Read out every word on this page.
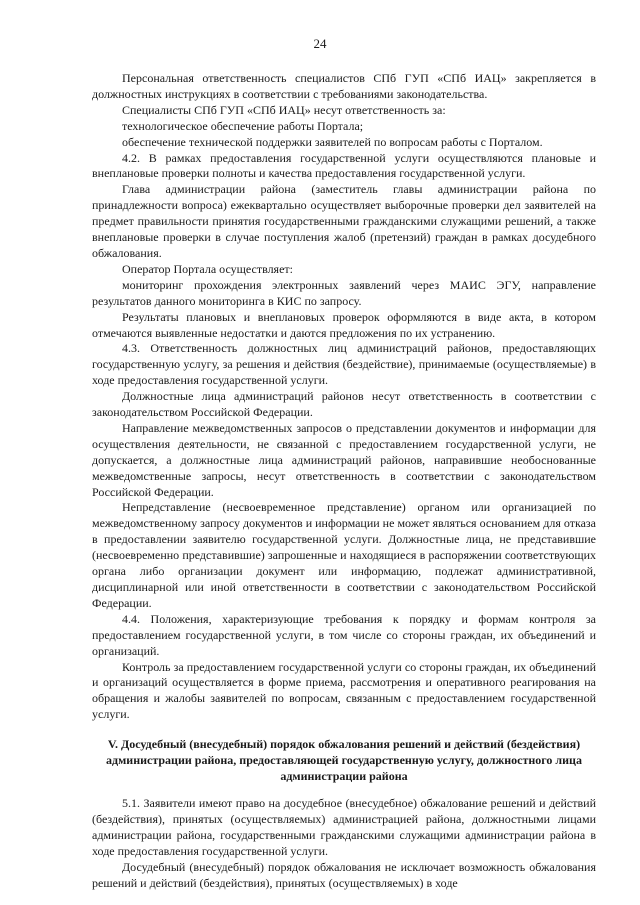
24

Персональная ответственность специалистов СПб ГУП «СПб ИАЦ» закрепляется в должностных инструкциях в соответствии с требованиями законодательства.

Специалисты СПб ГУП «СПб ИАЦ» несут ответственность за:

технологическое обеспечение работы Портала;

обеспечение технической поддержки заявителей по вопросам работы с Порталом.

4.2. В рамках предоставления государственной услуги осуществляются плановые и внеплановые проверки полноты и качества предоставления государственной услуги.

Глава администрации района (заместитель главы администрации района по принадлежности вопроса) ежеквартально осуществляет выборочные проверки дел заявителей на предмет правильности принятия государственными гражданскими служащими решений, а также внеплановые проверки в случае поступления жалоб (претензий) граждан в рамках досудебного обжалования.

Оператор Портала осуществляет:

мониторинг прохождения электронных заявлений через МАИС ЭГУ, направление результатов данного мониторинга в КИС по запросу.

Результаты плановых и внеплановых проверок оформляются в виде акта, в котором отмечаются выявленные недостатки и даются предложения по их устранению.

4.3. Ответственность должностных лиц администраций районов, предоставляющих государственную услугу, за решения и действия (бездействие), принимаемые (осуществляемые) в ходе предоставления государственной услуги.

Должностные лица администраций районов несут ответственность в соответствии с законодательством Российской Федерации.

Направление межведомственных запросов о представлении документов и информации для осуществления деятельности, не связанной с предоставлением государственной услуги, не допускается, а должностные лица администраций районов, направившие необоснованные межведомственные запросы, несут ответственность в соответствии с законодательством Российской Федерации.

Непредставление (несвоевременное представление) органом или организацией по межведомственному запросу документов и информации не может являться основанием для отказа в предоставлении заявителю государственной услуги. Должностные лица, не представившие (несвоевременно представившие) запрошенные и находящиеся в распоряжении соответствующих органа либо организации документ или информацию, подлежат административной, дисциплинарной или иной ответственности в соответствии с законодательством Российской Федерации.

4.4. Положения, характеризующие требования к порядку и формам контроля за предоставлением государственной услуги, в том числе со стороны граждан, их объединений и организаций.

Контроль за предоставлением государственной услуги со стороны граждан, их объединений и организаций осуществляется в форме приема, рассмотрения и оперативного реагирования на обращения и жалобы заявителей по вопросам, связанным с предоставлением государственной услуги.

V. Досудебный (внесудебный) порядок обжалования решений и действий (бездействия) администрации района, предоставляющей государственную услугу, должностного лица администрации района

5.1. Заявители имеют право на досудебное (внесудебное) обжалование решений и действий (бездействия), принятых (осуществляемых) администрацией района, должностными лицами администрации района, государственными гражданскими служащими администрации района в ходе предоставления государственной услуги.

Досудебный (внесудебный) порядок обжалования не исключает возможность обжалования решений и действий (бездействия), принятых (осуществляемых) в ходе
